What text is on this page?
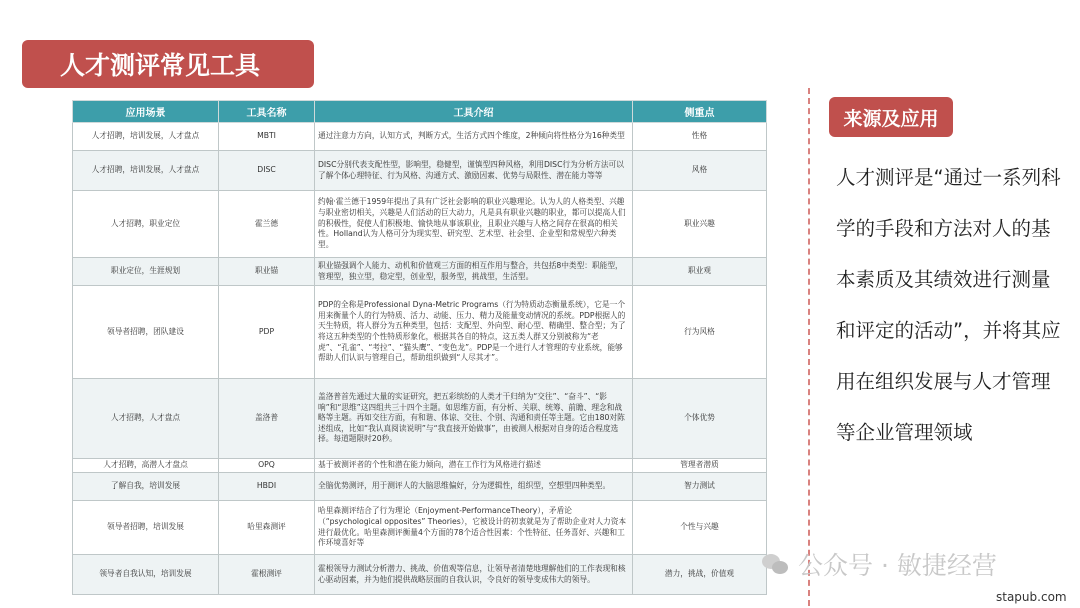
人才测评常见工具
应用场景	工具名称	工具介绍	侧重点
人才招聘，培训发展，人才盘点	MBTI	通过注意力方向，认知方式，判断方式，生活方式四个维度，2种倾向将性格分为16种类型	性格
人才招聘，培训发展，人才盘点	DISC	DISC分别代表支配性型，影响型，稳健型，谨慎型四种风格，利用DISC行为分析方法可以了解个体心理特征、行为风格、沟通方式、激励因素、优势与局限性、潜在能力等等	风格
人才招聘，职业定位	霍兰德	约翰·霍兰德于1959年提出了具有广泛社会影响的职业兴趣理论。认为人的人格类型、兴趣与职业密切相关，兴趣是人们活动的巨大动力，凡是具有职业兴趣的职业，都可以提高人们的积极性，促使人们积极地、愉快地从事该职业，且职业兴趣与人格之间存在很高的相关性。Holland认为人格可分为现实型、研究型、艺术型、社会型、企业型和常规型六种类型。	职业兴趣
职业定位，生涯规划	职业锚	职业锚强调个人能力、动机和价值观三方面的相互作用与整合，共包括8中类型：职能型，管理型，独立型，稳定型，创业型，服务型，挑战型，生活型。	职业观
领导者招聘，团队建设	PDP	PDP的全称是Professional Dyna-Metric Programs（行为特质动态衡量系统），它是一个用来衡量个人的行为特质、活力、动能、压力、精力及能量变动情况的系统。PDP根据人的天生特质，将人群分为五种类型，包括：支配型、外向型、耐心型、精确型、整合型；为了将这五种类型的个性特质形象化，根据其各自的特点，这五类人群又分别被称为“老虎”、“孔雀”、“考拉”、“猫头鹰”、“变色龙”。PDP是一个进行人才管理的专业系统，能够帮助人们认识与管理自己，帮助组织做到“人尽其才”。	行为风格
人才招聘，人才盘点	盖洛普	盖洛普首先通过大量的实证研究，把五彩缤纷的人类才干归纳为“交往”、“奋斗”、“影响”和“思维”这四组共三十四个主题。如思维方面，有分析、关联、统筹、前瞻、理念和战略等主题。再如交往方面，有和谐、体谅、交往、个别、沟通和责任等主题。它由180对陈述组成，比如“我认真阅读说明”与“我直接开始做事”，由被测人根据对自身的适合程度选择。每道题限时20秒。	个体优势
人才招聘，高潜人才盘点	OPQ	基于被测评者的个性和潜在能力倾向，潜在工作行为风格进行描述	管理者潜质
了解自我，培训发展	HBDI	全脑优势测评，用于测评人的大脑思维偏好，分为逻辑性，组织型，空想型四种类型。	智力测试
领导者招聘，培训发展	哈里森测评	哈里森测评结合了行为理论（Enjoyment-PerformanceTheory），矛盾论（“psychological opposites” Theories），它被设计的初衷就是为了帮助企业对人力资本进行最优化。哈里森测评衡量4个方面的78个适合性因素：个性特征、任务喜好、兴趣和工作环境喜好等	个性与兴趣
领导者自我认知，培训发展	霍根测评	霍根领导力测试分析潜力、挑战、价值观等信息，让领导者清楚地理解他们的工作表现和核心驱动因素，并为他们提供战略层面的自我认识，令良好的领导变成伟大的领导。	潜力，挑战，价值观
来源及应用
人才测评是“通过一系列科学的手段和方法对人的基本素质及其绩效进行测量和评定的活动”，并将其应用在组织发展与人才管理等企业管理领域
公众号 · 敏捷经营
stapub.com
